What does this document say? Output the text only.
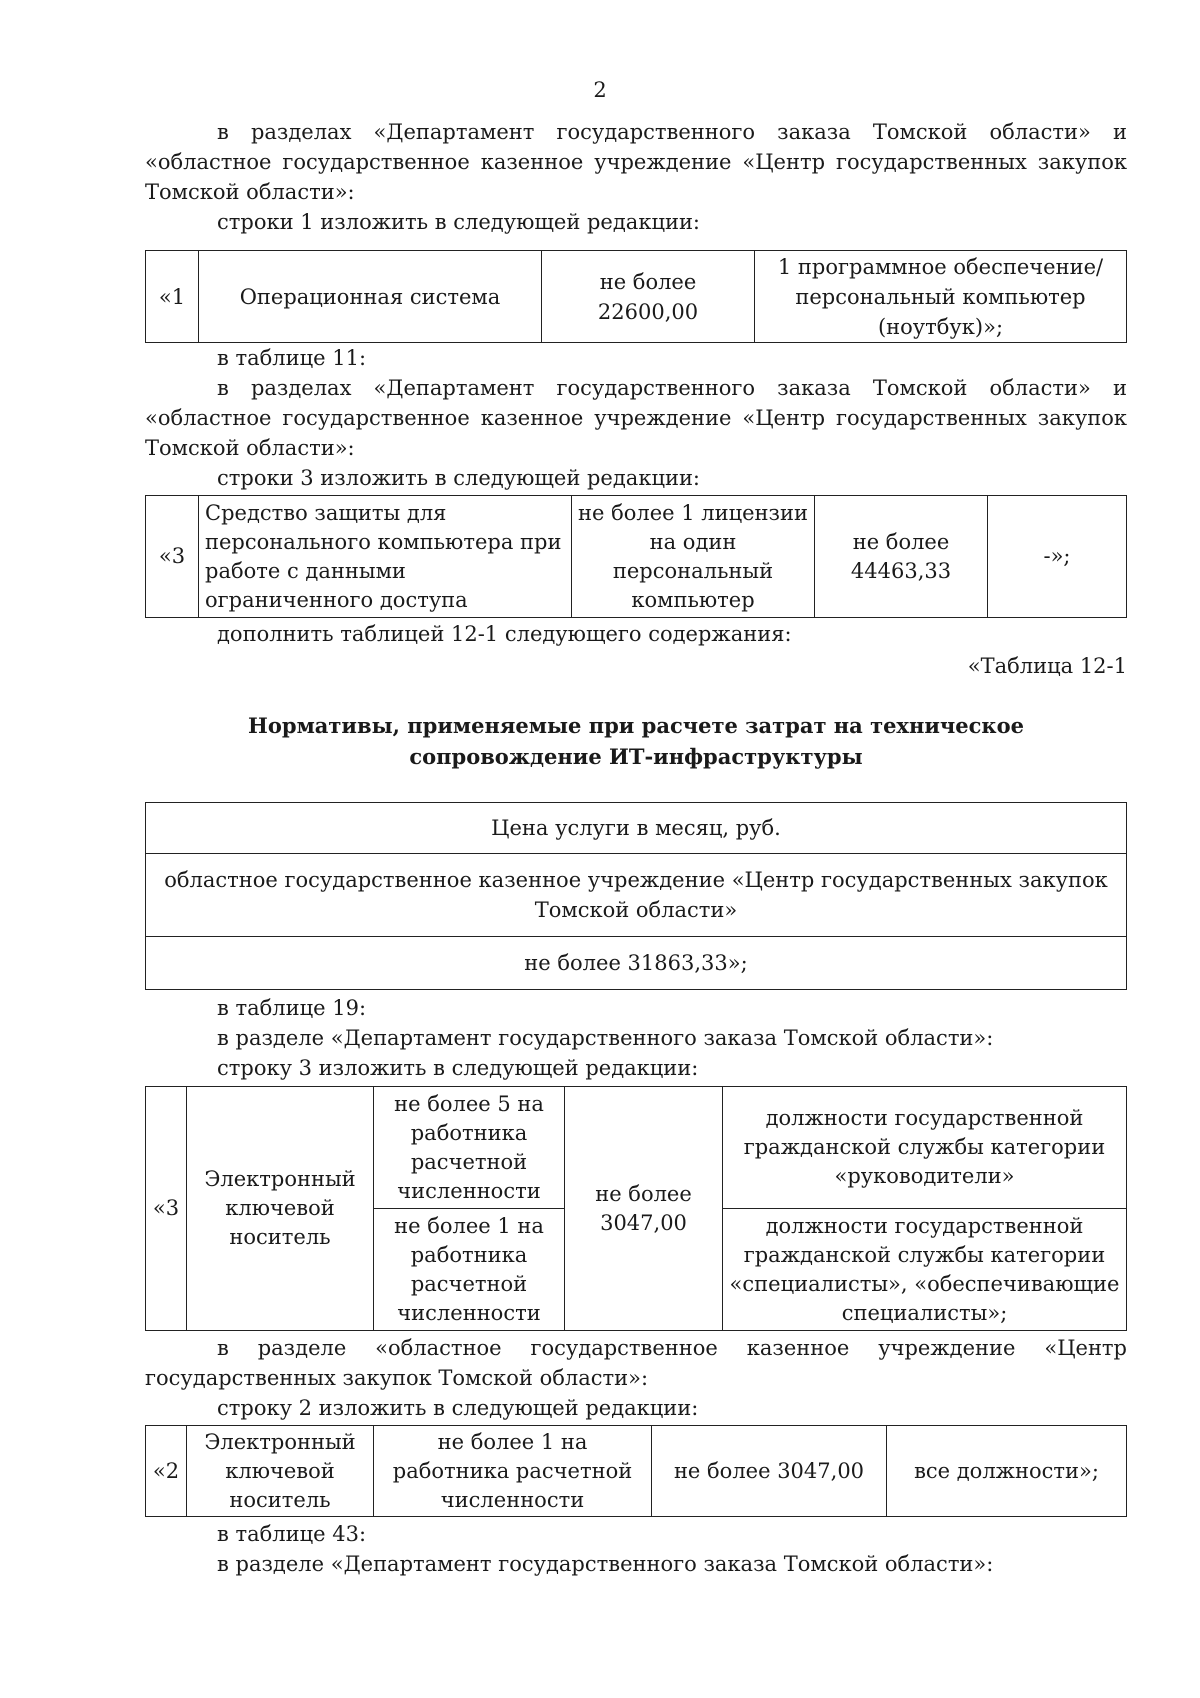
2

в разделах «Департамент государственного заказа Томской области» и

«областное государственное казенное учреждение «Центр государственных закупок

Томской области»:

строки 1 изложить в следующей редакции:

«1	Операционная система	не более 22600,00	1 программное обеспечение/персональный компьютер (ноутбук)»;

в таблице 11:

в разделах «Департамент государственного заказа Томской области» и

«областное государственное казенное учреждение «Центр государственных закупок

Томской области»:

строки 3 изложить в следующей редакции:

«3	Средство защиты для персонального компьютера при работе с данными ограниченного доступа	не более 1 лицензии на один персональный компьютер	не более 44463,33	-»;

дополнить таблицей 12-1 следующего содержания:

«Таблица 12-1

Нормативы, применяемые при расчете затрат на техническое
сопровождение ИТ-инфраструктуры
Цена услуги в месяц, руб.
областное государственное казенное учреждение «Центр государственных закупок Томской области»
не более 31863,33»;

в таблице 19:

в разделе «Департамент государственного заказа Томской области»:

строку 3 изложить в следующей редакции:

«3	Электронный ключевой носитель	не более 5 на работника расчетной численности	не более 3047,00	должности государственной гражданской службы категории «руководители»
		не более 1 на работника расчетной численности		должности государственной гражданской службы категории «специалисты», «обеспечивающие специалисты»;

в разделе «областное государственное казенное учреждение «Центр

государственных закупок Томской области»:

строку 2 изложить в следующей редакции:

«2	Электронный ключевой носитель	не более 1 на работника расчетной численности	не более 3047,00	все должности»;

в таблице 43:

в разделе «Департамент государственного заказа Томской области»:
